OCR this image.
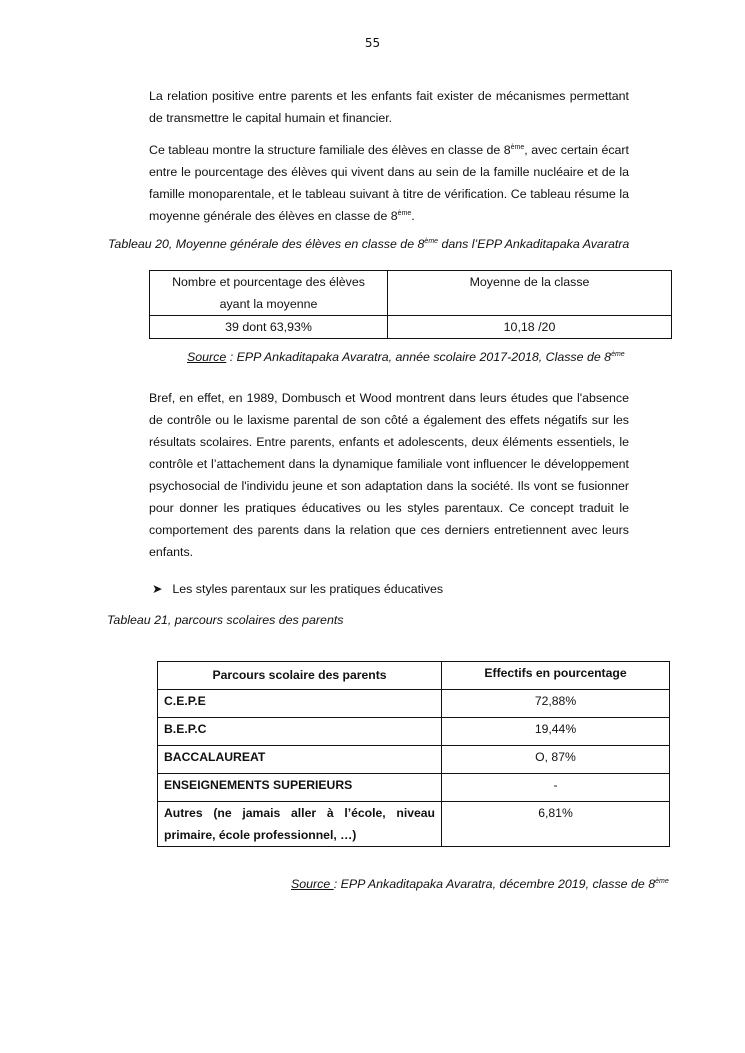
55
La relation positive entre parents et les enfants fait exister de mécanismes permettant de transmettre le capital humain et financier.
Ce tableau montre la structure familiale des élèves en classe de 8ème, avec certain écart entre le pourcentage des élèves qui vivent dans au sein de la famille nucléaire et de la famille monoparentale, et le tableau suivant à titre de vérification. Ce tableau résume la moyenne générale des élèves en classe de 8ème.
Tableau 20, Moyenne générale des élèves en classe de 8ème dans l’EPP Ankaditapaka Avaratra
Nombre et pourcentage des élèves ayant la moyenne	Moyenne de la classe
39 dont 63,93%	10,18 /20
Source : EPP Ankaditapaka Avaratra, année scolaire 2017-2018, Classe de 8ème
Bref, en effet, en 1989, Dombusch et Wood montrent dans leurs études que l'absence de contrôle ou le laxisme parental de son côté a également des effets négatifs sur les résultats scolaires. Entre parents, enfants et adolescents, deux éléments essentiels, le contrôle et l’attachement dans la dynamique familiale vont influencer le développement psychosocial de l'individu jeune et son adaptation dans la société. Ils vont se fusionner pour donner les pratiques éducatives ou les styles parentaux. Ce concept traduit le comportement des parents dans la relation que ces derniers entretiennent avec leurs enfants.
➤ Les styles parentaux sur les pratiques éducatives
Tableau 21, parcours scolaires des parents
Parcours scolaire des parents	Effectifs en pourcentage
C.E.P.E	72,88%
B.E.P.C	19,44%
BACCALAUREAT	O, 87%
ENSEIGNEMENTS SUPERIEURS	-
Autres (ne jamais aller à l’école, niveau primaire, école professionnel, …)	6,81%
Source : EPP Ankaditapaka Avaratra, décembre 2019, classe de 8ème
